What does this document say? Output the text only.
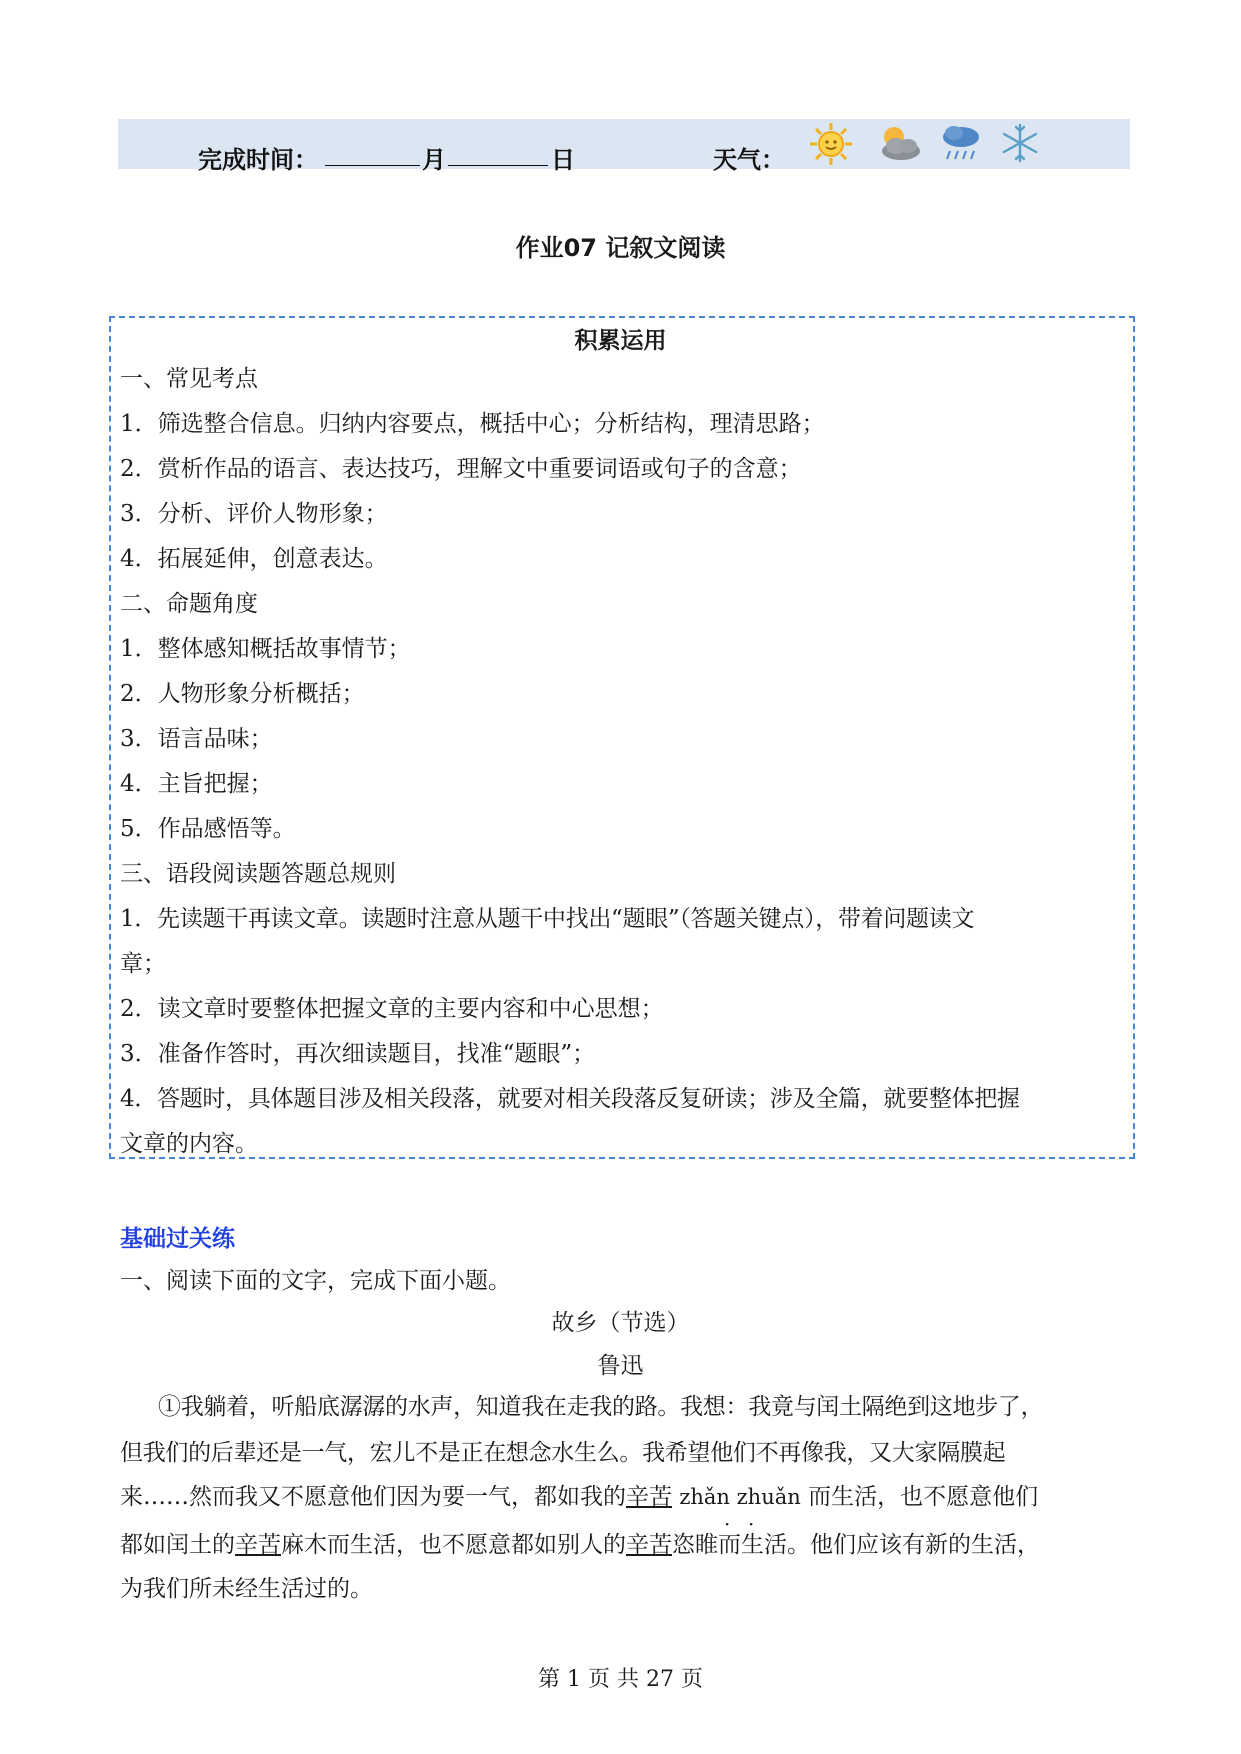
完成时间：	月	日	天气：
作业07 记叙文阅读
积累运用
一、常见考点
1．筛选整合信息。归纳内容要点，概括中心；分析结构，理清思路；
2．赏析作品的语言、表达技巧，理解文中重要词语或句子的含意；
3．分析、评价人物形象；
4．拓展延伸，创意表达。
二、命题角度
1．整体感知概括故事情节；
2．人物形象分析概括；
3．语言品味；
4．主旨把握；
5．作品感悟等。
三、语段阅读题答题总规则
1．先读题干再读文章。读题时注意从题干中找出“题眼”（答题关键点），带着问题读文
章；
2．读文章时要整体把握文章的主要内容和中心思想；
3．准备作答时，再次细读题目，找准“题眼”；
4．答题时，具体题目涉及相关段落，就要对相关段落反复研读；涉及全篇，就要整体把握
文章的内容。
基础过关练
一、阅读下面的文字，完成下面小题。
故乡（节选）
鲁迅
①我躺着，听船底潺潺的水声，知道我在走我的路。我想：我竟与闰土隔绝到这地步了，
但我们的后辈还是一气，宏儿不是正在想念水生么。我希望他们不再像我，又大家隔膜起
来……然而我又不愿意他们因为要一气，都如我的辛苦 zhǎn zhuǎn 而生活，也不愿意他们
都如闰土的辛苦麻木而生活，也不愿意都如别人的辛苦恣睢而生活。他们应该有新的生活，
为我们所未经生活过的。
· ·
第 1 页 共 27 页
